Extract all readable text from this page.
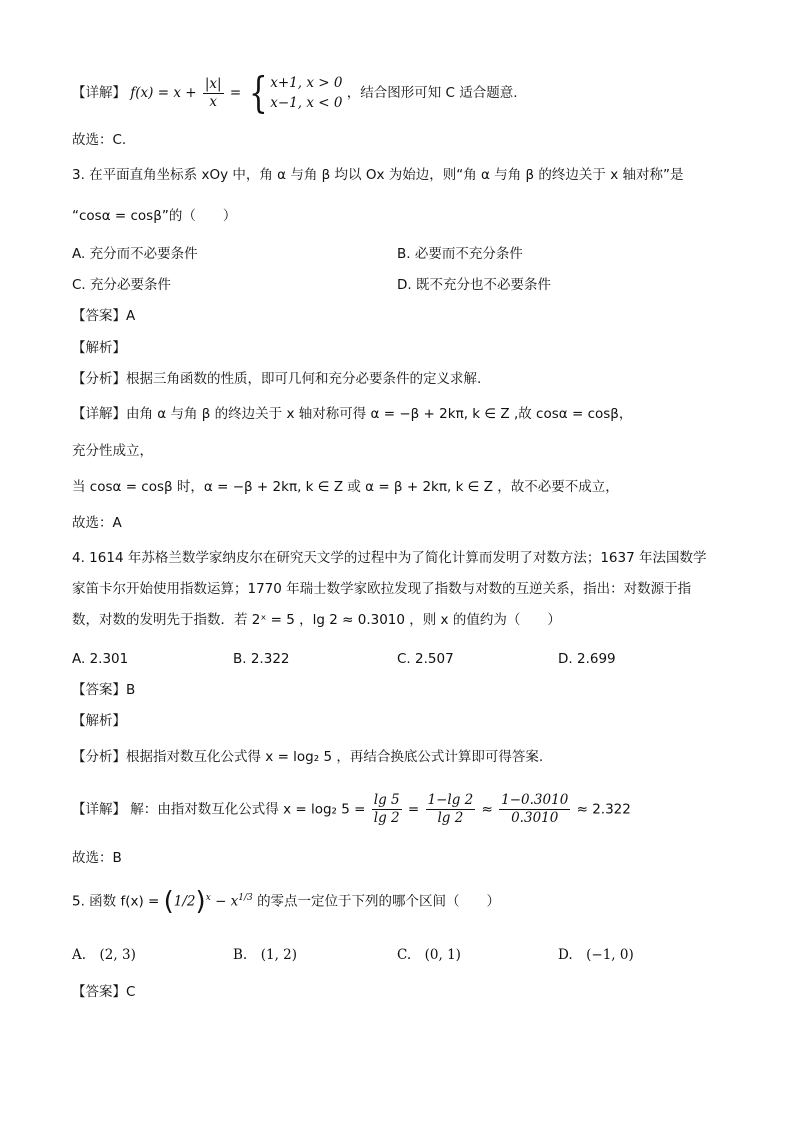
【详解】 $f(x) = x + \frac{|x|}{x}$ = { x+1, x > 0
x−1, x < 0
，结合图形可知 C 适合题意.
故选：C.
3. 在平面直角坐标系 xOy 中，角 α 与角 β 均以 Ox 为始边，则“角 α 与角 β 的终边关于 x 轴对称”是
“cosα = cosβ”的（　　）
A. 充分而不必要条件	B. 必要而不充分条件
C. 充分必要条件	D. 既不充分也不必要条件
【答案】A
【解析】
【分析】根据三角函数的性质，即可几何和充分必要条件的定义求解.
【详解】由角 α 与角 β 的终边关于 x 轴对称可得 α = −β + 2kπ, k ∈ Z ,故 cosα = cosβ，
充分性成立，
当 cosα = cosβ 时，α = −β + 2kπ, k ∈ Z 或 α = β + 2kπ, k ∈ Z ，故不必要不成立，
故选：A
4. 1614 年苏格兰数学家纳皮尔在研究天文学的过程中为了简化计算而发明了对数方法；1637 年法国数学
家笛卡尔开始使用指数运算；1770 年瑞士数学家欧拉发现了指数与对数的互逆关系，指出：对数源于指
数，对数的发明先于指数．若 2ˣ = 5 ，lg 2 ≈ 0.3010 ，则 x 的值约为（　　）
A. 2.301	B. 2.322	C. 2.507	D. 2.699
【答案】B
【解析】
【分析】根据指对数互化公式得 x = log₂ 5 ，再结合换底公式计算即可得答案.
【详解】 解：由指对数互化公式得 x = log₂ $5 = \frac{\lg 5}{\lg 2} = \frac{1-\lg 2}{\lg 2} \approx \frac{1-0.3010}{0.3010} \approx 2.322$
故选：B
5. 函数 $f(x) = (1/2)^x - x^{1/3}$ 的零点一定位于下列的哪个区间（　　）
A.　(2, 3)	B.　(1, 2)	C.　(0, 1)	D.　(−1, 0)
【答案】C
